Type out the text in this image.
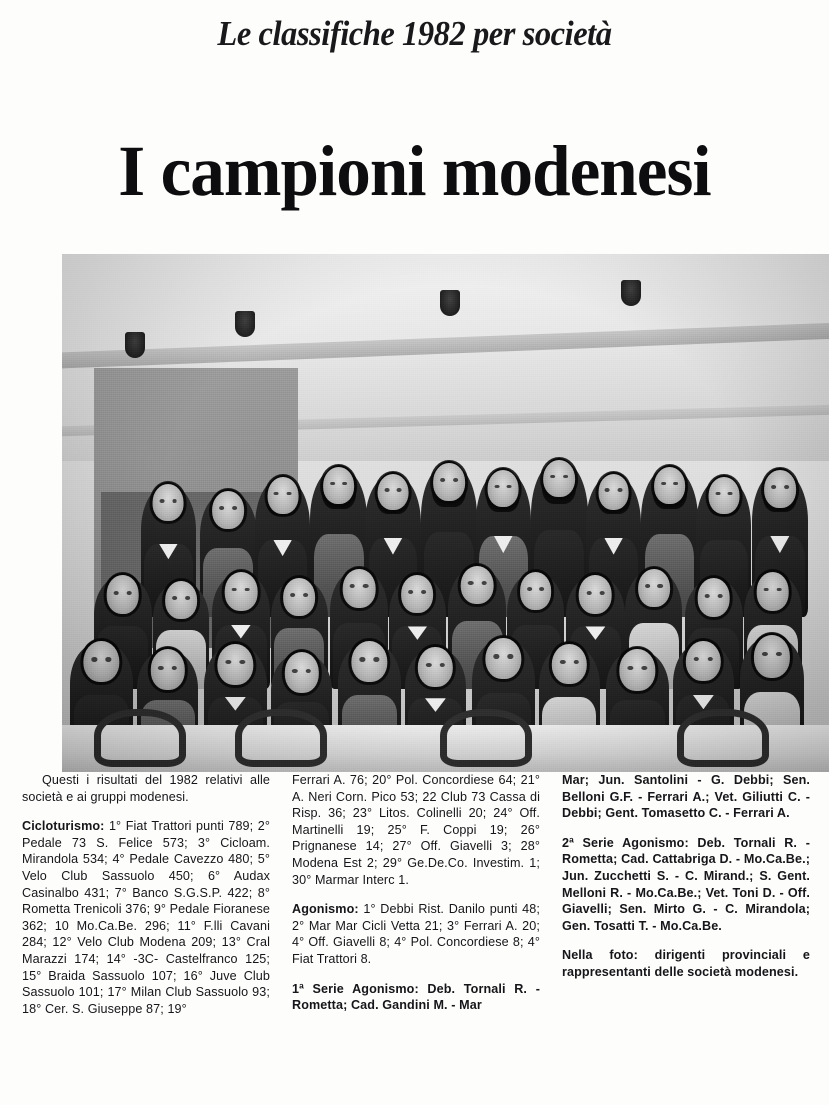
Le classifiche 1982 per società
I campioni modenesi

Questi i risultati del 1982 relativi alle società e ai gruppi modenesi.

Cicloturismo: 1° Fiat Trattori punti 789; 2° Pedale 73 S. Felice 573; 3° Cicloam. Mirandola 534; 4° Pedale Cavezzo 480; 5° Velo Club Sassuolo 450; 6° Audax Casinalbo 431; 7° Banco S.G.S.P. 422; 8° Rometta Trenicoli 376; 9° Pedale Fioranese 362; 10 Mo.Ca.Be. 296; 11° F.lli Cavani 284; 12° Velo Club Modena 209; 13° Cral Marazzi 174; 14° -3C- Castelfranco 125; 15° Braida Sassuolo 107; 16° Juve Club Sassuolo 101; 17° Milan Club Sassuolo 93; 18° Cer. S. Giuseppe 87; 19°

Ferrari A. 76; 20° Pol. Concordiese 64; 21° A. Neri Corn. Pico 53; 22 Club 73 Cassa di Risp. 36; 23° Litos. Colinelli 20; 24° Off. Martinelli 19; 25° F. Coppi 19; 26° Prignanese 14; 27° Off. Giavelli 3; 28° Modena Est 2; 29° Ge.De.Co. Investim. 1; 30° Marmar Interc 1.

Agonismo: 1° Debbi Rist. Danilo punti 48; 2° Mar Mar Cicli Vetta 21; 3° Ferrari A. 20; 4° Off. Giavelli 8; 4° Pol. Concordiese 8; 4° Fiat Trattori 8.

1ª Serie Agonismo: Deb. Tornali R. - Rometta; Cad. Gandini M. - Mar

Mar; Jun. Santolini - G. Debbi; Sen. Belloni G.F. - Ferrari A.; Vet. Giliutti C. - Debbi; Gent. Tomasetto C. - Ferrari A.

2ª Serie Agonismo: Deb. Tornali R. - Rometta; Cad. Cattabriga D. - Mo.Ca.Be.; Jun. Zucchetti S. - C. Mirand.; S. Gent. Melloni R. - Mo.Ca.Be.; Vet. Toni D. - Off. Giavelli; Sen. Mirto G. - C. Mirandola; Gen. Tosatti T. - Mo.Ca.Be.

Nella foto: dirigenti provinciali e rappresentanti delle società modenesi.
